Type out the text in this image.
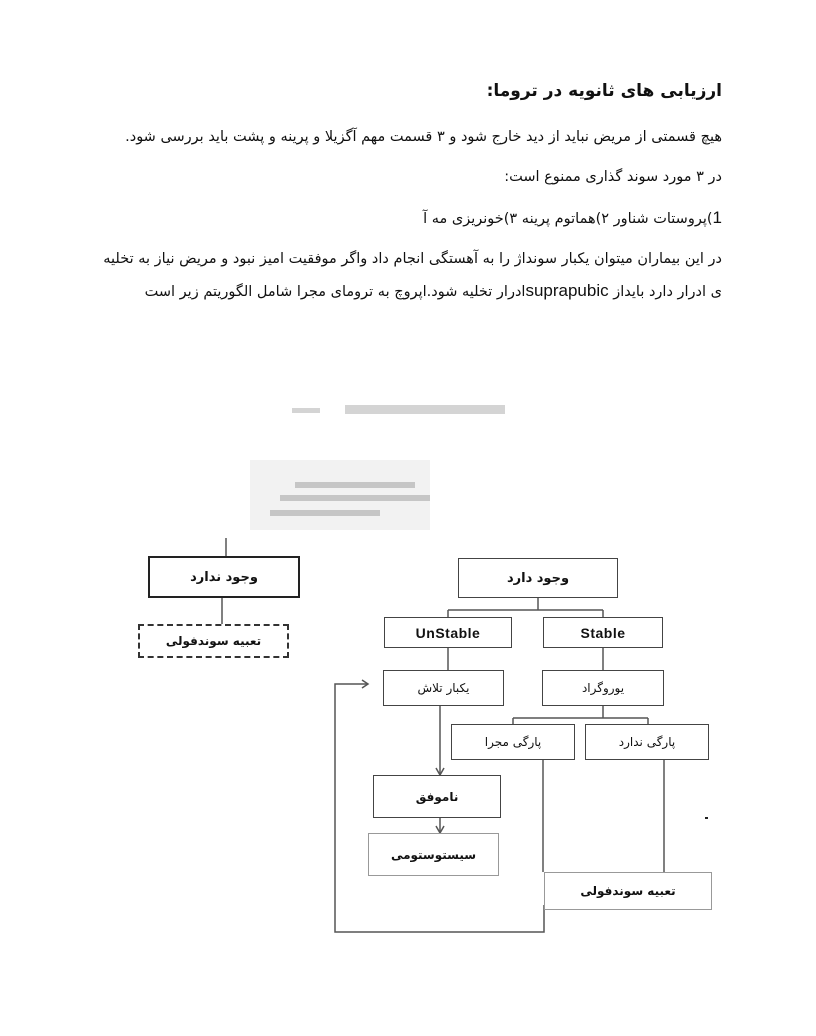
ارزیابی های ثانویه در تروما:

هیچ قسمتی از مریض نباید از دید خارج شود و ۳ قسمت مهم آگزیلا و پرینه و پشت باید بررسی شود.

در ۳ مورد سوند گذاری ممنوع است:

1)پروستات شناور ۲)هماتوم پرینه ۳)خونریزی مه آ

در این بیماران میتوان یکبار سونداژ را به آهستگی انجام داد واگر موفقیت امیز نبود و مریض نیاز به تخلیه ی ادرار دارد بایداز suprapubicادرار تخلیه شود.اپروچ به ترومای مجرا شامل الگوریتم زیر است

وجود ندارد	وجود دارد
تعبیه سوندفولی
UnStable	Stable
یکبار تلاش	یوروگراد
پارگی مجرا	پارگی ندارد
ناموفق
سیستوستومی
تعبیه سوندفولی
